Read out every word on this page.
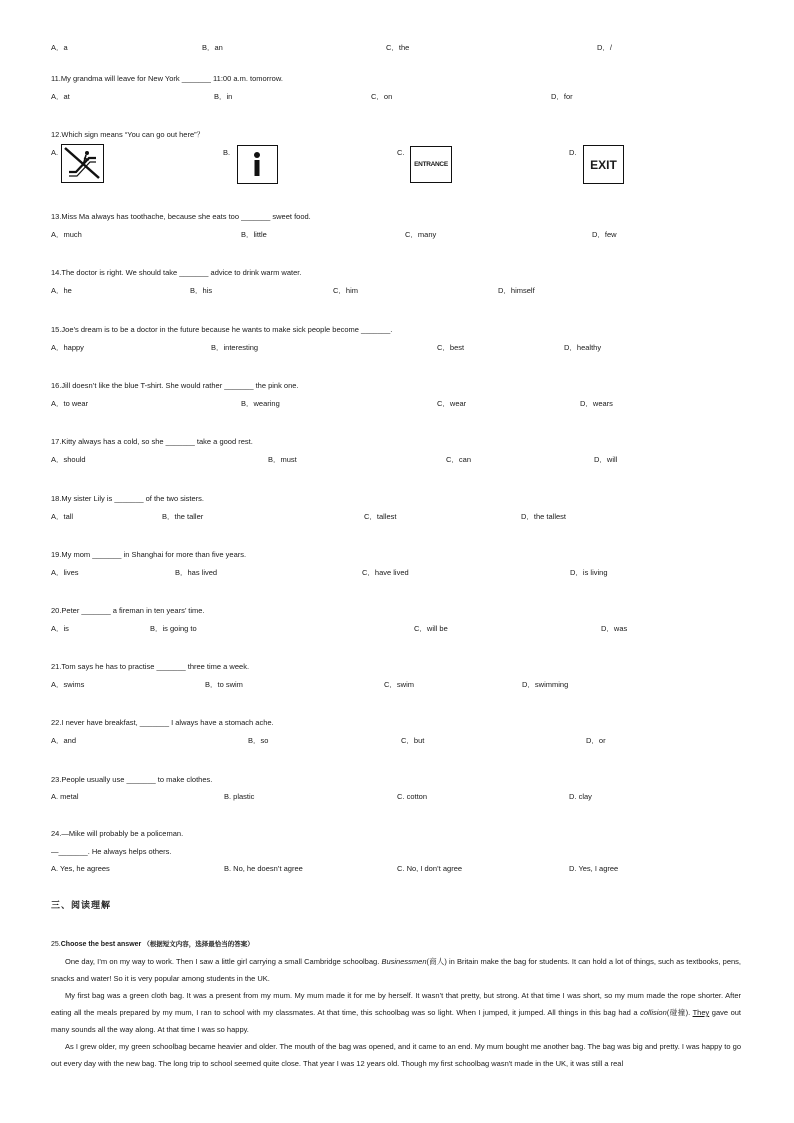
A．a	B．an	C．the	D．/
11.My grandma will leave for New York _______ 11:00 a.m. tomorrow.
A．at	B．in	C．on	D．for
12.Which sign means “You can go out here”？
A.	B.	C.	D.
ENTRANCE	EXIT
13.Miss Ma always has toothache, because she eats too _______ sweet food.
A．much	B．little	C．many	D．few
14.The doctor is right. We should take _______ advice to drink warm water.
A．he	B．his	C．him	D．himself
15.Joe’s dream is to be a doctor in the future because he wants to make sick people become _______.
A．happy	B．interesting	C．best	D．healthy
16.Jill doesn’t like the blue T-shirt. She would rather _______ the pink one.
A．to wear	B．wearing	C．wear	D．wears
17.Kitty always has a cold, so she _______ take a good rest.
A．should	B．must	C．can	D．will
18.My sister Lily is _______ of the two sisters.
A．tall	B．the taller	C．tallest	D．the tallest
19.My mom _______ in Shanghai for more than five years.
A．lives	B．has lived	C．have lived	D．is living
20.Peter _______ a fireman in ten years’ time.
A．is	B．is going to	C．will be	D．was
21.Tom says he has to practise _______ three time a week.
A．swims	B．to swim	C．swim	D．swimming
22.I never have breakfast, _______ I always have a stomach ache.
A．and	B．so	C．but	D．or
23.People usually use _______ to make clothes.
A. metal	B. plastic	C. cotton	D. clay
24.—Mike will probably be a policeman.
—_______. He always helps others.
A. Yes, he agrees	B. No, he doesn’t agree	C. No, I don’t agree	D. Yes, I agree
三、阅读理解
25.Choose the best answer （根据短文内容，选择最恰当的答案）

One day, I’m on my way to work. Then I saw a little girl carrying a small Cambridge schoolbag. Businessmen(商人) in Britain make the bag for students. It can hold a lot of things, such as textbooks, pens, snacks and water! So it is very popular among students in the UK.

My first bag was a green cloth bag. It was a present from my mum. My mum made it for me by herself. It wasn’t that pretty, but strong. At that time I was short, so my mum made the rope shorter. After eating all the meals prepared by my mum, I ran to school with my classmates. At that time, this schoolbag was so light. When I jumped, it jumped. All things in this bag had a collision(碰撞). They gave out many sounds all the way along. At that time I was so happy.

As I grew older, my green schoolbag became heavier and older. The mouth of the bag was opened, and it came to an end. My mum bought me another bag. The bag was big and pretty. I was happy to go out every day with the new bag. The long trip to school seemed quite close. That year I was 12 years old. Though my first schoolbag wasn't made in the UK, it was still a real
